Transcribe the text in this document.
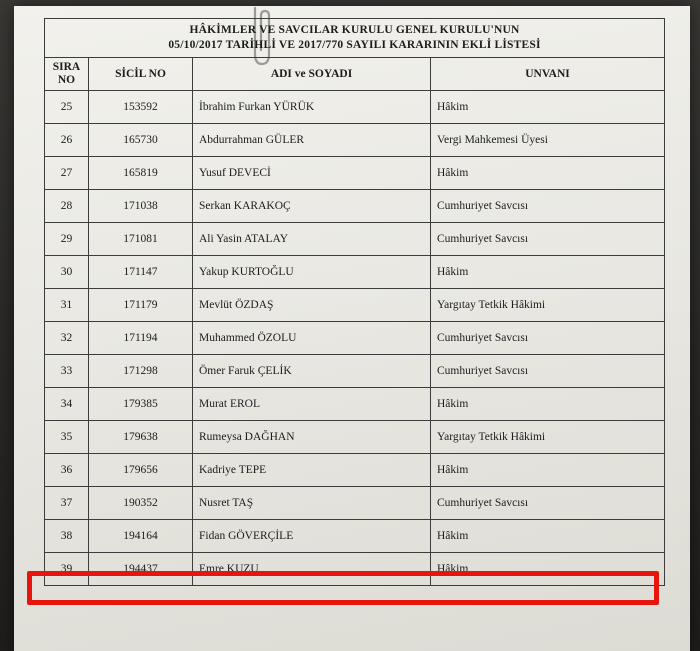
HÂKİMLER VE SAVCILAR KURULU GENEL KURULU'NUN
05/10/2017 TARİHLİ VE 2017/770 SAYILI KARARININ EKLİ LİSTESİ			

SIRA
NO	SİCİL NO	ADI ve SOYADI	UNVANI
25	153592	İbrahim Furkan YÜRÜK	Hâkim
26	165730	Abdurrahman GÜLER	Vergi Mahkemesi Üyesi
27	165819	Yusuf DEVECİ	Hâkim
28	171038	Serkan KARAKOÇ	Cumhuriyet Savcısı
29	171081	Ali Yasin ATALAY	Cumhuriyet Savcısı
30	171147	Yakup KURTOĞLU	Hâkim
31	171179	Mevlüt ÖZDAŞ	Yargıtay Tetkik Hâkimi
32	171194	Muhammed ÖZOLU	Cumhuriyet Savcısı
33	171298	Ömer Faruk ÇELİK	Cumhuriyet Savcısı
34	179385	Murat EROL	Hâkim
35	179638	Rumeysa DAĞHAN	Yargıtay Tetkik Hâkimi
36	179656	Kadriye TEPE	Hâkim
37	190352	Nusret TAŞ	Cumhuriyet Savcısı
38	194164	Fidan GÖVERÇİLE	Hâkim
39	194437	Emre KUZU	Hâkim
